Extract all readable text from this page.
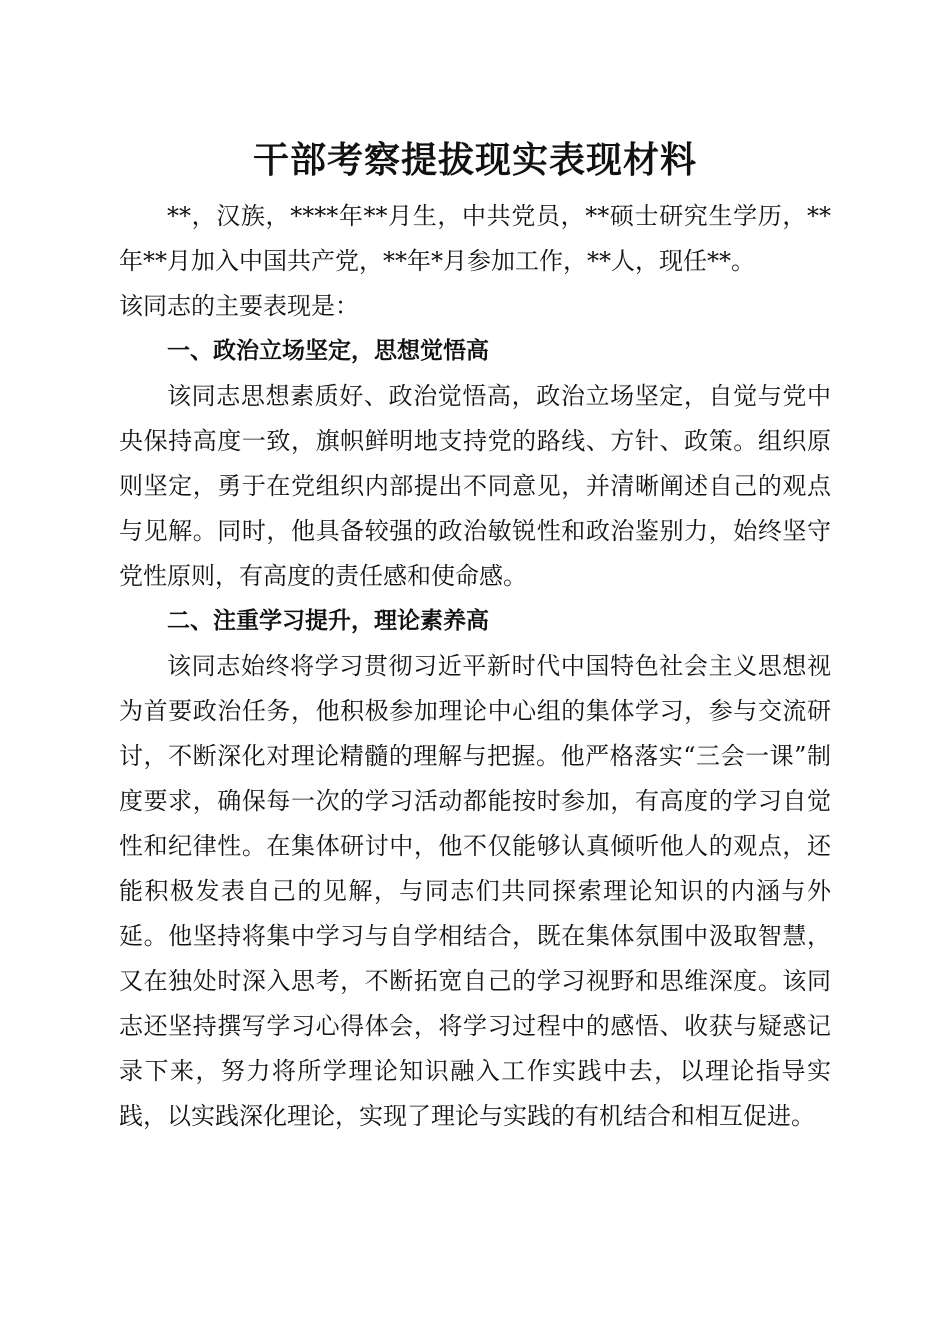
干部考察提拔现实表现材料

**，汉族，****年**月生，中共党员，**硕士研究生学历，**年**月加入中国共产党，**年*月参加工作，**人，现任**。
该同志的主要表现是：

一、政治立场坚定，思想觉悟高

该同志思想素质好、政治觉悟高，政治立场坚定，自觉与党中央保持高度一致，旗帜鲜明地支持党的路线、方针、政策。组织原则坚定，勇于在党组织内部提出不同意见，并清晰阐述自己的观点与见解。同时，他具备较强的政治敏锐性和政治鉴别力，始终坚守党性原则，有高度的责任感和使命感。

二、注重学习提升，理论素养高

该同志始终将学习贯彻习近平新时代中国特色社会主义思想视为首要政治任务，他积极参加理论中心组的集体学习，参与交流研讨，不断深化对理论精髓的理解与把握。他严格落实“三会一课”制度要求，确保每一次的学习活动都能按时参加，有高度的学习自觉性和纪律性。在集体研讨中，他不仅能够认真倾听他人的观点，还能积极发表自己的见解，与同志们共同探索理论知识的内涵与外延。他坚持将集中学习与自学相结合，既在集体氛围中汲取智慧，又在独处时深入思考，不断拓宽自己的学习视野和思维深度。该同志还坚持撰写学习心得体会，将学习过程中的感悟、收获与疑惑记录下来，努力将所学理论知识融入工作实践中去，以理论指导实践，以实践深化理论，实现了理论与实践的有机结合和相互促进。
